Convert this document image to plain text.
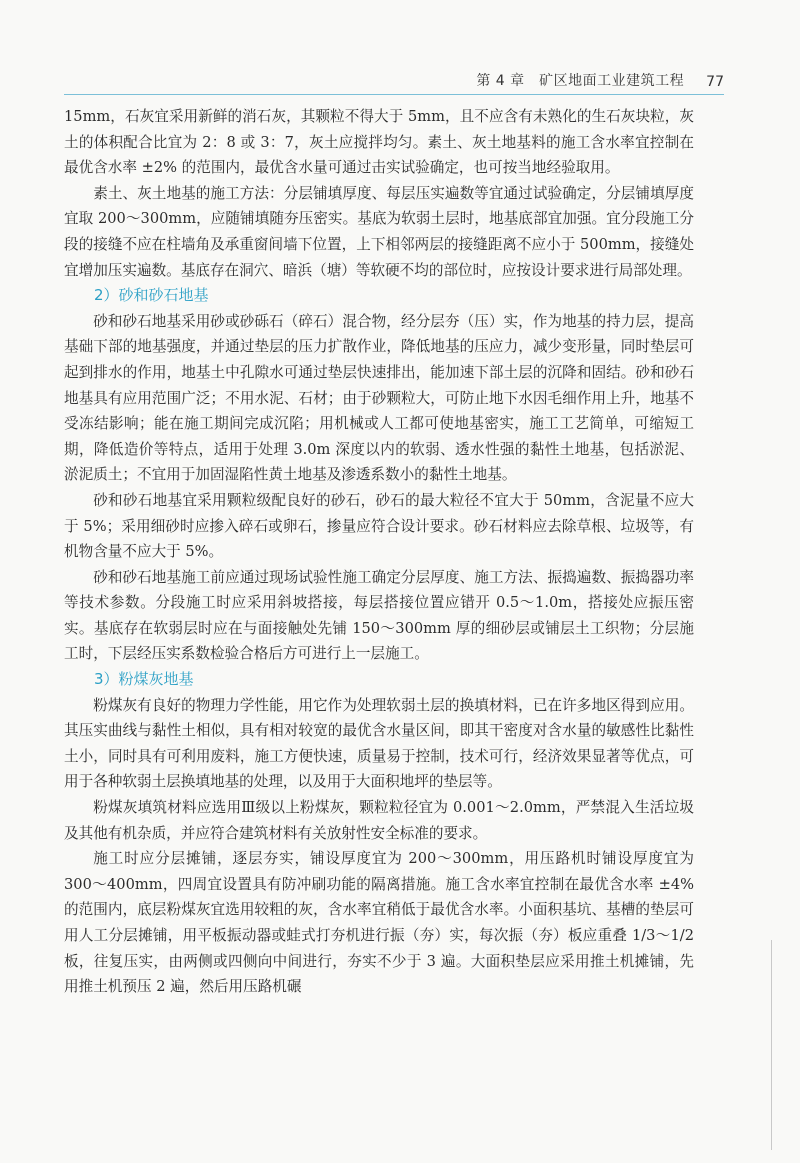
第 4 章　矿区地面工业建筑工程 77

15mm，石灰宜采用新鲜的消石灰，其颗粒不得大于 5mm，且不应含有未熟化的生石灰块粒，灰土的体积配合比宜为 2：8 或 3：7，灰土应搅拌均匀。素土、灰土地基料的施工含水率宜控制在最优含水率 ±2% 的范围内，最优含水量可通过击实试验确定，也可按当地经验取用。

素土、灰土地基的施工方法：分层铺填厚度、每层压实遍数等宜通过试验确定，分层铺填厚度宜取 200～300mm，应随铺填随夯压密实。基底为软弱土层时，地基底部宜加强。宜分段施工分段的接缝不应在柱墙角及承重窗间墙下位置，上下相邻两层的接缝距离不应小于 500mm，接缝处宜增加压实遍数。基底存在洞穴、暗浜（塘）等软硬不均的部位时，应按设计要求进行局部处理。

2）砂和砂石地基

砂和砂石地基采用砂或砂砾石（碎石）混合物，经分层夯（压）实，作为地基的持力层，提高基础下部的地基强度，并通过垫层的压力扩散作业，降低地基的压应力，减少变形量，同时垫层可起到排水的作用，地基土中孔隙水可通过垫层快速排出，能加速下部土层的沉降和固结。砂和砂石地基具有应用范围广泛；不用水泥、石材；由于砂颗粒大，可防止地下水因毛细作用上升，地基不受冻结影响；能在施工期间完成沉陷；用机械或人工都可使地基密实，施工工艺简单，可缩短工期，降低造价等特点，适用于处理 3.0m 深度以内的软弱、透水性强的黏性土地基，包括淤泥、淤泥质土；不宜用于加固湿陷性黄土地基及渗透系数小的黏性土地基。

砂和砂石地基宜采用颗粒级配良好的砂石，砂石的最大粒径不宜大于 50mm，含泥量不应大于 5%；采用细砂时应掺入碎石或卵石，掺量应符合设计要求。砂石材料应去除草根、垃圾等，有机物含量不应大于 5%。

砂和砂石地基施工前应通过现场试验性施工确定分层厚度、施工方法、振捣遍数、振捣器功率等技术参数。分段施工时应采用斜坡搭接，每层搭接位置应错开 0.5～1.0m，搭接处应振压密实。基底存在软弱层时应在与面接触处先铺 150～300mm 厚的细砂层或铺层土工织物；分层施工时，下层经压实系数检验合格后方可进行上一层施工。

3）粉煤灰地基

粉煤灰有良好的物理力学性能，用它作为处理软弱土层的换填材料，已在许多地区得到应用。其压实曲线与黏性土相似，具有相对较宽的最优含水量区间，即其干密度对含水量的敏感性比黏性土小，同时具有可利用废料，施工方便快速，质量易于控制，技术可行，经济效果显著等优点，可用于各种软弱土层换填地基的处理，以及用于大面积地坪的垫层等。

粉煤灰填筑材料应选用Ⅲ级以上粉煤灰，颗粒粒径宜为 0.001～2.0mm，严禁混入生活垃圾及其他有机杂质，并应符合建筑材料有关放射性安全标准的要求。

施工时应分层摊铺，逐层夯实，铺设厚度宜为 200～300mm，用压路机时铺设厚度宜为 300～400mm，四周宜设置具有防冲刷功能的隔离措施。施工含水率宜控制在最优含水率 ±4% 的范围内，底层粉煤灰宜选用较粗的灰，含水率宜稍低于最优含水率。小面积基坑、基槽的垫层可用人工分层摊铺，用平板振动器或蛙式打夯机进行振（夯）实，每次振（夯）板应重叠 1/3～1/2 板，往复压实，由两侧或四侧向中间进行，夯实不少于 3 遍。大面积垫层应采用推土机摊铺，先用推土机预压 2 遍，然后用压路机碾
